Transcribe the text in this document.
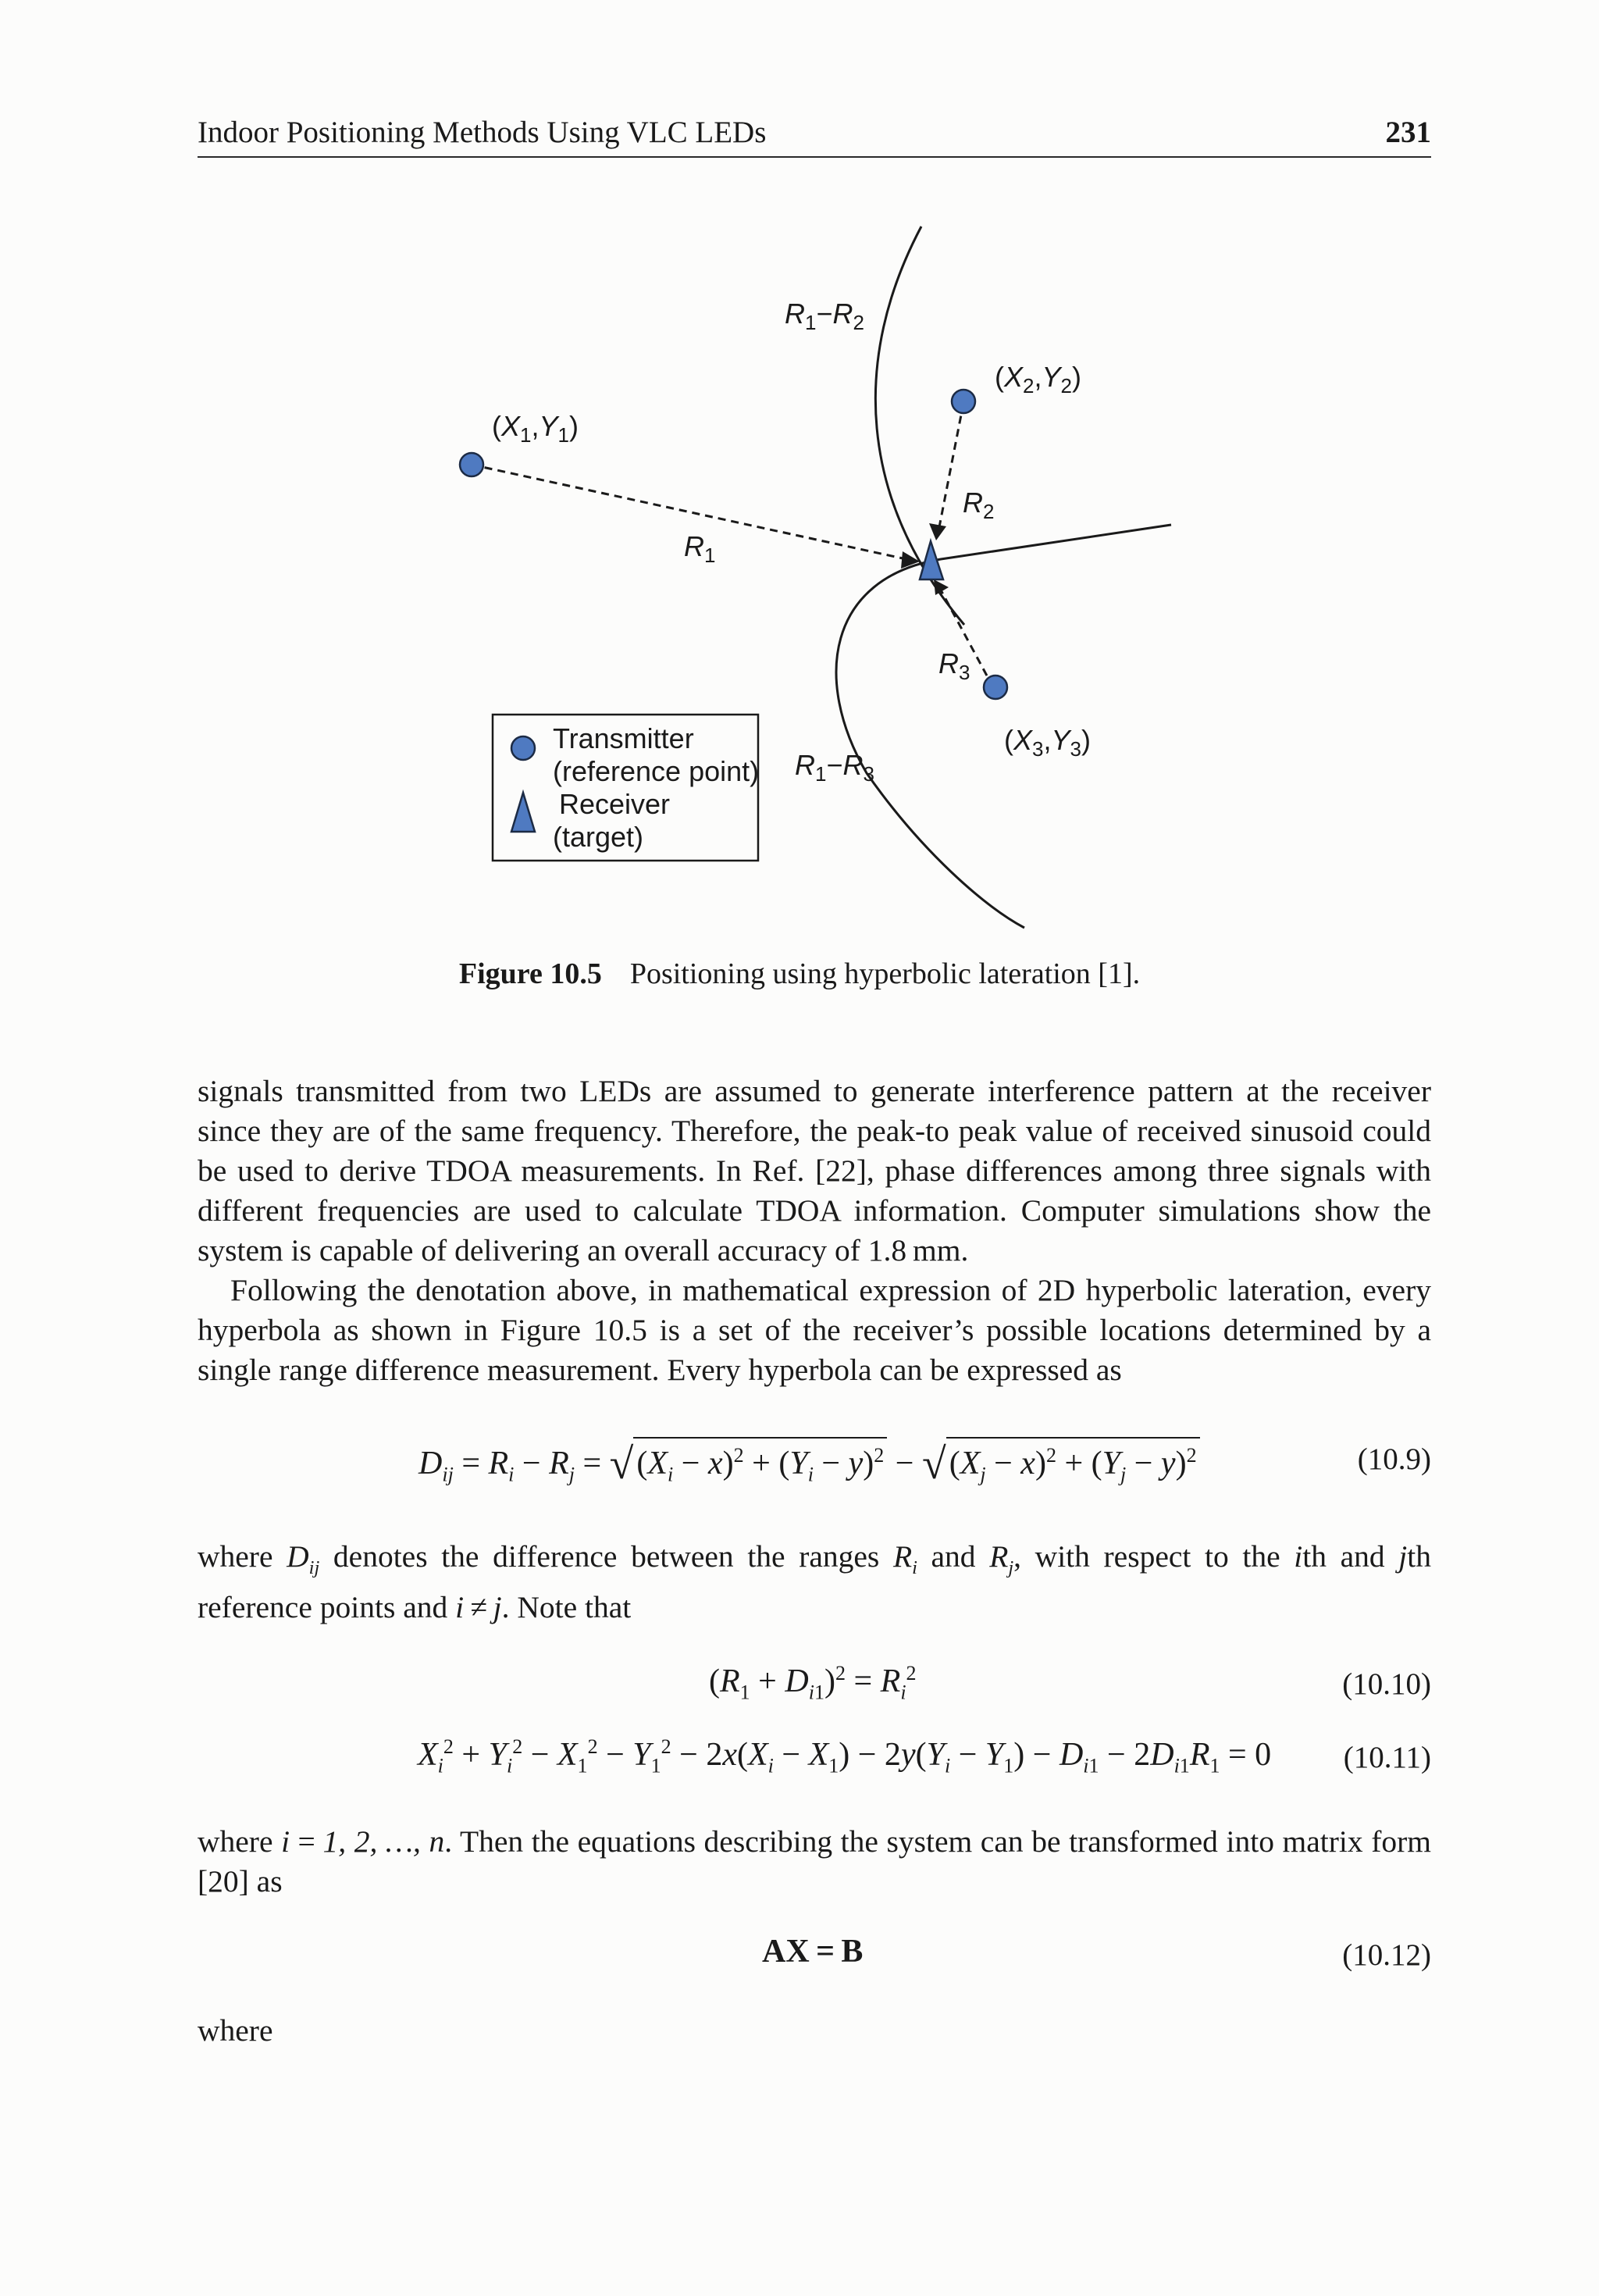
Indoor Positioning Methods Using VLC LEDs	231
$R_1-R_2$
$(X_2,Y_2)$
$(X_1,Y_1)$
$R_2$
$R_1$
$R_3$
$(X_3,Y_3)$
$R_1-R_3$
Transmitter
(reference point)
Receiver
(target)
Figure 10.5 Positioning using hyperbolic lateration [1].
signals transmitted from two LEDs are assumed to generate interference pattern at the receiver since they are of the same frequency. Therefore, the peak-to peak value of received sinusoid could be used to derive TDOA measurements. In Ref. [22], phase differences among three signals with different frequencies are used to calculate TDOA information. Computer simulations show the system is capable of delivering an overall accuracy of 1.8 mm.
Following the denotation above, in mathematical expression of 2D hyperbolic lateration, every hyperbola as shown in Figure 10.5 is a set of the receiver’s possible locations determined by a single range difference measurement. Every hyperbola can be expressed as
$D_{ij} = R_i - R_j = √(X_i - x)^2 + (Y_i - y)^2 - √(X_j - x)^2 + (Y_j - y)^2$	(10.9)
where $D_{ij}$ denotes the difference between the ranges $R_i$ and $R_j$, with respect to the ith and jth reference points and i ≠ j. Note that
$(R_1 + D_{i1})^2 = R_i^2$	(10.10)
$X_i^2 + Y_i^2 - X_1^2 - Y_1^2 - 2x(X_i - X_1) - 2y(Y_i - Y_1) - D_{i1} - 2D_{i1}R_1 = 0$ (10.11)
where i = 1, 2, …, n. Then the equations describing the system can be transformed into matrix form [20] as
AX = B	(10.12)
where
